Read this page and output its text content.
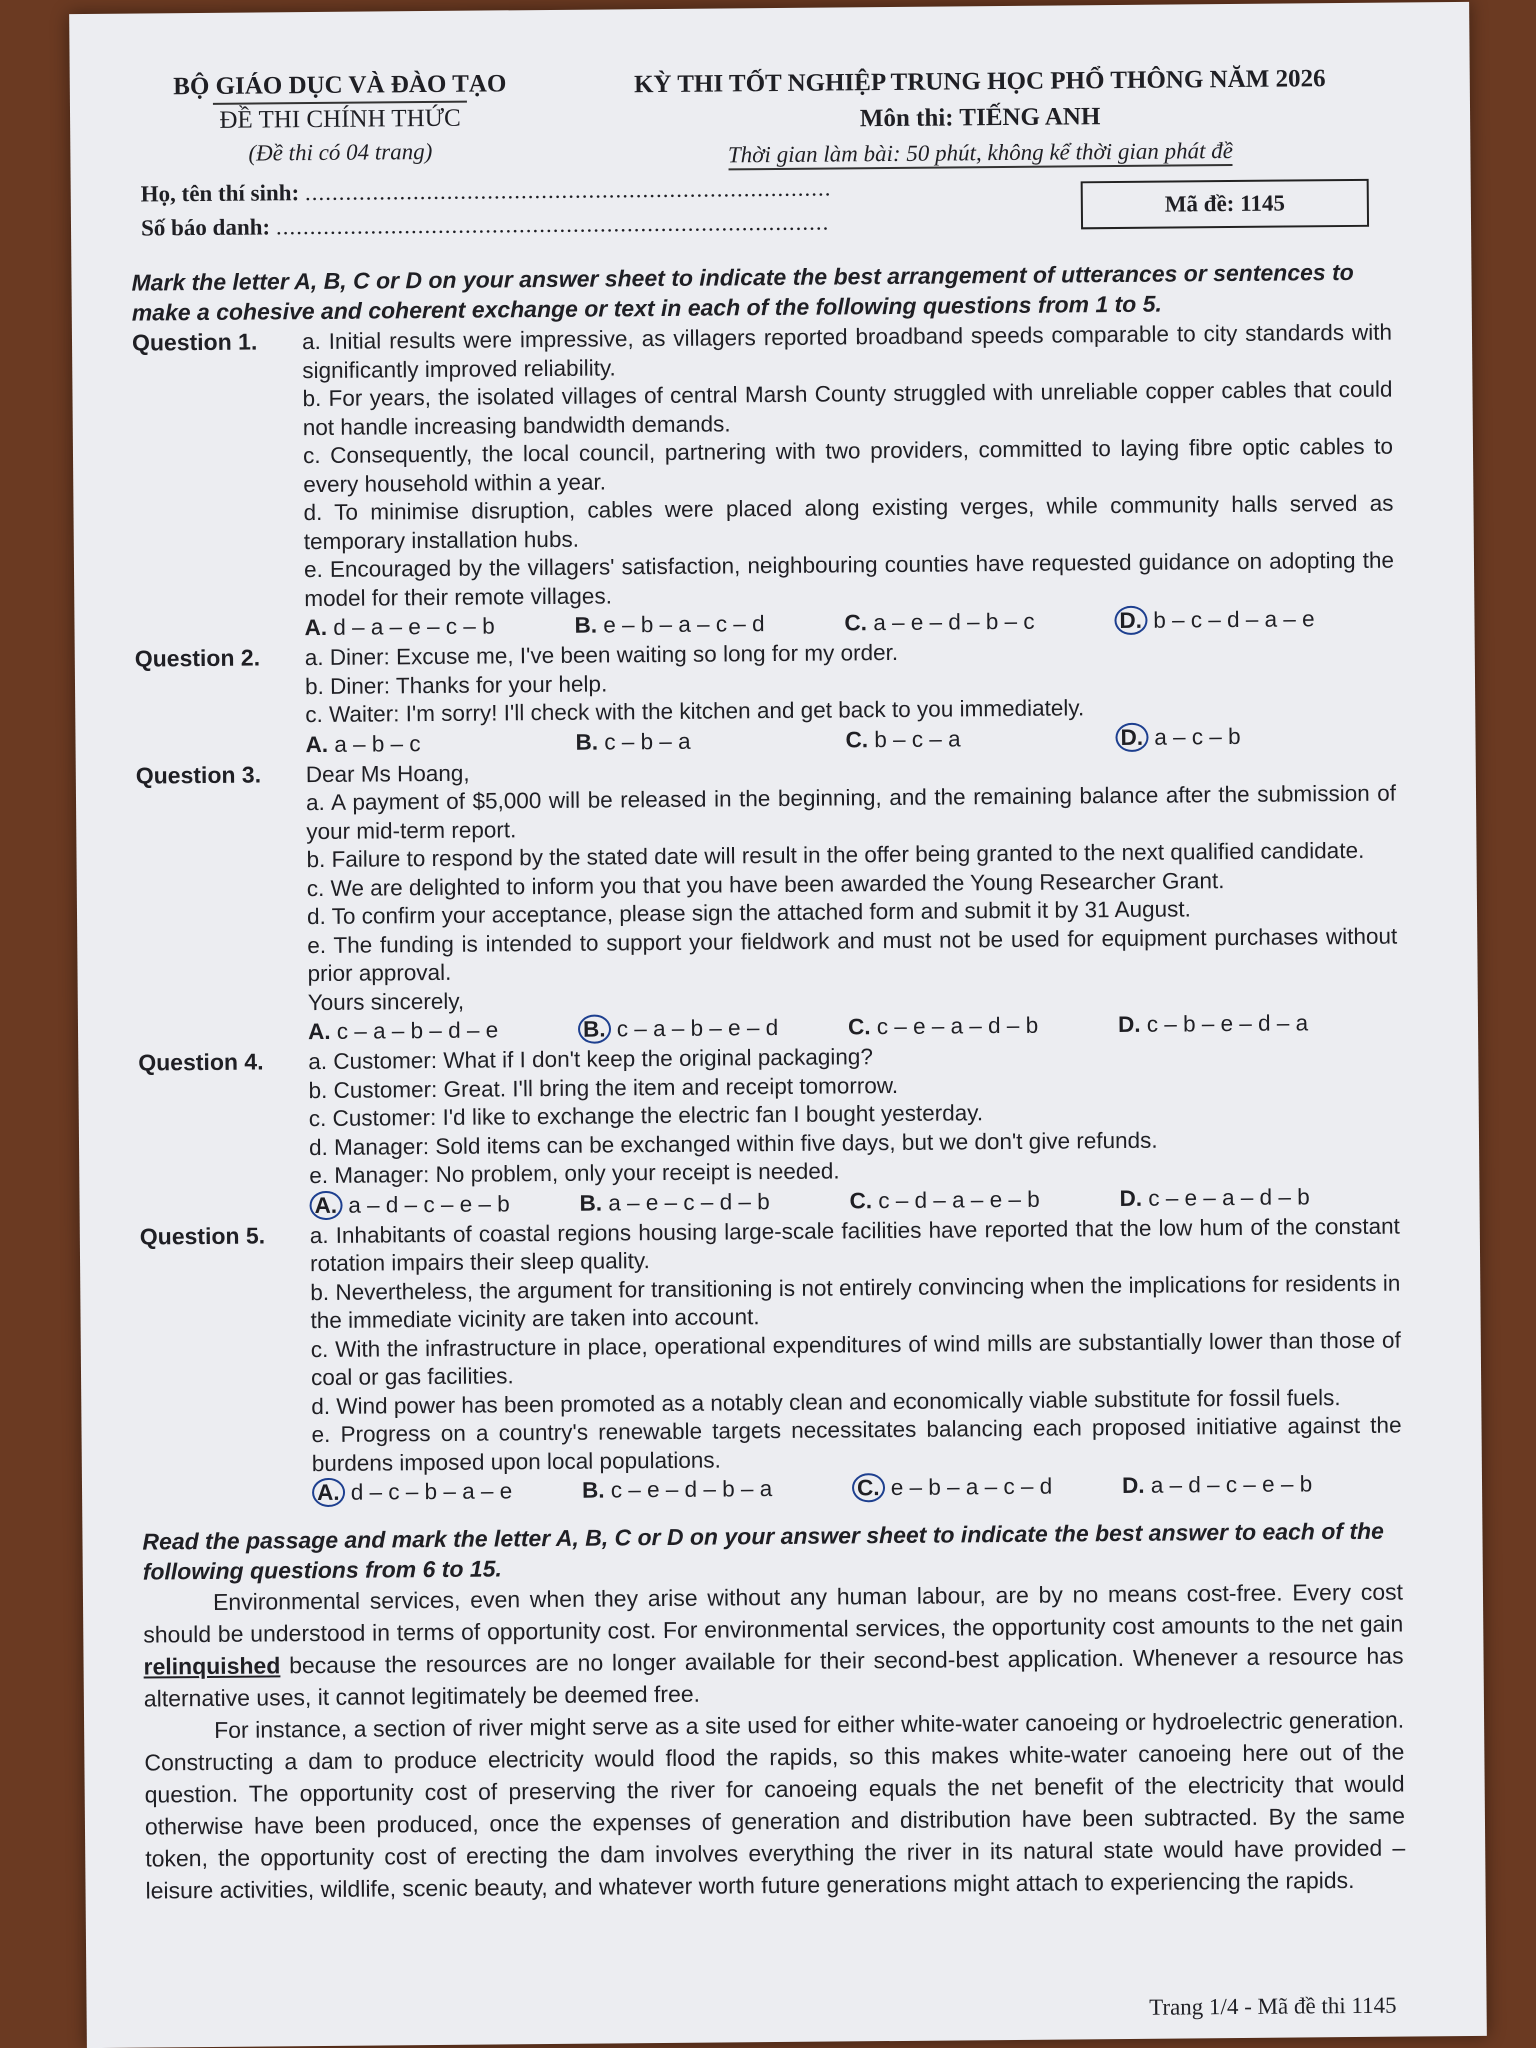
BỘ GIÁO DỤC VÀ ĐÀO TẠO
ĐỀ THI CHÍNH THỨC
(Đề thi có 04 trang)
KỲ THI TỐT NGHIỆP TRUNG HỌC PHỔ THÔNG NĂM 2026
Môn thi: TIẾNG ANH
Thời gian làm bài: 50 phút, không kể thời gian phát đề
Họ, tên thí sinh: ..............................................................................
Số báo danh: ..................................................................................
Mã đề: 1145
Mark the letter A, B, C or D on your answer sheet to indicate the best arrangement of utterances or sentences to make a cohesive and coherent exchange or text in each of the following questions from 1 to 5.
Question 1.	a. Initial results were impressive, as villagers reported broadband speeds comparable to city standards with significantly improved reliability.
b. For years, the isolated villages of central Marsh County struggled with unreliable copper cables that could not handle increasing bandwidth demands.
c. Consequently, the local council, partnering with two providers, committed to laying fibre optic cables to every household within a year.
d. To minimise disruption, cables were placed along existing verges, while community halls served as temporary installation hubs.
e. Encouraged by the villagers' satisfaction, neighbouring counties have requested guidance on adopting the model for their remote villages.
A. d – a – e – c – b	B. e – b – a – c – d	C. a – e – d – b – c	D. b – c – d – a – e
Question 2.	a. Diner: Excuse me, I've been waiting so long for my order.
b. Diner: Thanks for your help.
c. Waiter: I'm sorry! I'll check with the kitchen and get back to you immediately.
A. a – b – c	B. c – b – a	C. b – c – a	D. a – c – b
Question 3.	Dear Ms Hoang,
a. A payment of $5,000 will be released in the beginning, and the remaining balance after the submission of your mid-term report.
b. Failure to respond by the stated date will result in the offer being granted to the next qualified candidate.
c. We are delighted to inform you that you have been awarded the Young Researcher Grant.
d. To confirm your acceptance, please sign the attached form and submit it by 31 August.
e. The funding is intended to support your fieldwork and must not be used for equipment purchases without prior approval.
Yours sincerely,
A. c – a – b – d – e	B. c – a – b – e – d	C. c – e – a – d – b	D. c – b – e – d – a
Question 4.	a. Customer: What if I don't keep the original packaging?
b. Customer: Great. I'll bring the item and receipt tomorrow.
c. Customer: I'd like to exchange the electric fan I bought yesterday.
d. Manager: Sold items can be exchanged within five days, but we don't give refunds.
e. Manager: No problem, only your receipt is needed.
A. a – d – c – e – b	B. a – e – c – d – b	C. c – d – a – e – b	D. c – e – a – d – b
Question 5.	a. Inhabitants of coastal regions housing large-scale facilities have reported that the low hum of the constant rotation impairs their sleep quality.
b. Nevertheless, the argument for transitioning is not entirely convincing when the implications for residents in the immediate vicinity are taken into account.
c. With the infrastructure in place, operational expenditures of wind mills are substantially lower than those of coal or gas facilities.
d. Wind power has been promoted as a notably clean and economically viable substitute for fossil fuels.
e. Progress on a country's renewable targets necessitates balancing each proposed initiative against the burdens imposed upon local populations.
A. d – c – b – a – e	B. c – e – d – b – a	C. e – b – a – c – d	D. a – d – c – e – b
Read the passage and mark the letter A, B, C or D on your answer sheet to indicate the best answer to each of the following questions from 6 to 15.

Environmental services, even when they arise without any human labour, are by no means cost-free. Every cost should be understood in terms of opportunity cost. For environmental services, the opportunity cost amounts to the net gain relinquished because the resources are no longer available for their second-best application. Whenever a resource has alternative uses, it cannot legitimately be deemed free.

For instance, a section of river might serve as a site used for either white-water canoeing or hydroelectric generation. Constructing a dam to produce electricity would flood the rapids, so this makes white-water canoeing here out of the question. The opportunity cost of preserving the river for canoeing equals the net benefit of the electricity that would otherwise have been produced, once the expenses of generation and distribution have been subtracted. By the same token, the opportunity cost of erecting the dam involves everything the river in its natural state would have provided – leisure activities, wildlife, scenic beauty, and whatever worth future generations might attach to experiencing the rapids.

Trang 1/4 - Mã đề thi 1145
